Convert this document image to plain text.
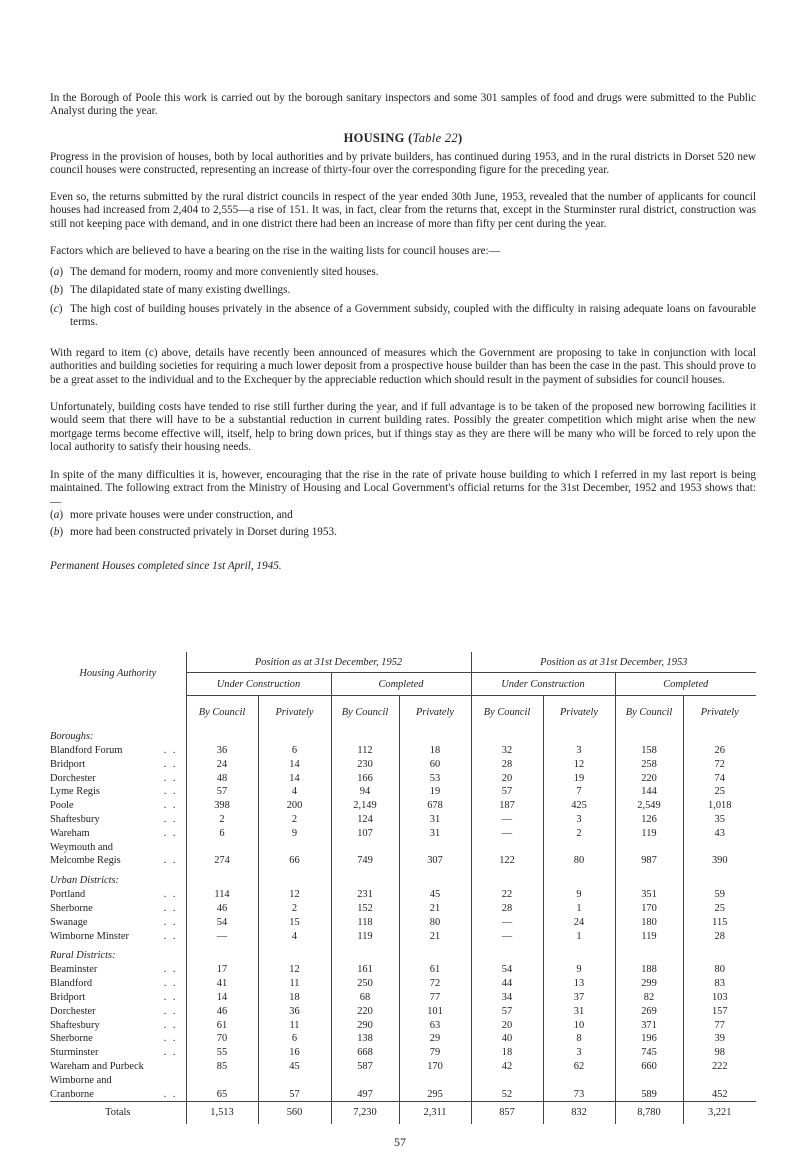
In the Borough of Poole this work is carried out by the borough sanitary inspectors and some 301 samples of food and drugs were submitted to the Public Analyst during the year.

HOUSING (Table 22)

Progress in the provision of houses, both by local authorities and by private builders, has continued during 1953, and in the rural districts in Dorset 520 new council houses were constructed, representing an increase of thirty-four over the corresponding figure for the preceding year.

Even so, the returns submitted by the rural district councils in respect of the year ended 30th June, 1953, revealed that the number of applicants for council houses had increased from 2,404 to 2,555—a rise of 151. It was, in fact, clear from the returns that, except in the Sturminster rural district, construction was still not keeping pace with demand, and in one district there had been an increase of more than fifty per cent during the year.

Factors which are believed to have a bearing on the rise in the waiting lists for council houses are:—

(a) The demand for modern, roomy and more conveniently sited houses.
(b) The dilapidated state of many existing dwellings.
(c) The high cost of building houses privately in the absence of a Government subsidy, coupled with the difficulty in raising adequate loans on favourable terms.

With regard to item (c) above, details have recently been announced of measures which the Government are proposing to take in conjunction with local authorities and building societies for requiring a much lower deposit from a prospective house builder than has been the case in the past. This should prove to be a great asset to the individual and to the Exchequer by the appreciable reduction which should result in the payment of subsidies for council houses.

Unfortunately, building costs have tended to rise still further during the year, and if full advantage is to be taken of the proposed new borrowing facilities it would seem that there will have to be a substantial reduction in current building rates. Possibly the greater competition which might arise when the new mortgage terms become effective will, itself, help to bring down prices, but if things stay as they are there will be many who will be forced to rely upon the local authority to satisfy their housing needs.

In spite of the many difficulties it is, however, encouraging that the rise in the rate of private house building to which I referred in my last report is being maintained. The following extract from the Ministry of Housing and Local Government's official returns for the 31st December, 1952 and 1953 shows that:—

(a) more private houses were under construction, and
(b) more had been constructed privately in Dorset during 1953.

Permanent Houses completed since 1st April, 1945.

Housing Authority	Position as at 31st December, 1952				Position as at 31st December, 1953			
	Under Construction		Completed		Under Construction		Completed	
	By Council	Privately	By Council	Privately	By Council	Privately	By Council	Privately
Boroughs:								
Blandford Forum . .	36	6	112	18	32	3	158	26
Bridport . .	24	14	230	60	28	12	258	72
Dorchester . .	48	14	166	53	20	19	220	74
Lyme Regis . .	57	4	94	19	57	7	144	25
Poole . .	398	200	2,149	678	187	425	2,549	1,018
Shaftesbury . .	2	2	124	31	—	3	126	35
Wareham . .	6	9	107	31	—	2	119	43
Weymouth and								
Melcombe Regis . .	274	66	749	307	122	80	987	390

Urban Districts:								
Portland . .	114	12	231	45	22	9	351	59
Sherborne . .	46	2	152	21	28	1	170	25
Swanage . .	54	15	118	80	—	24	180	115
Wimborne Minster . .	—	4	119	21	—	1	119	28

Rural Districts:								
Beaminster . .	17	12	161	61	54	9	188	80
Blandford . .	41	11	250	72	44	13	299	83
Bridport . .	14	18	68	77	34	37	82	103
Dorchester . .	46	36	220	101	57	31	269	157
Shaftesbury . .	61	11	290	63	20	10	371	77
Sherborne . .	70	6	138	29	40	8	196	39
Sturminster . .	55	16	668	79	18	3	745	98
Wareham and Purbeck	85	45	587	170	42	62	660	222
Wimborne and								
Cranborne . .	65	57	497	295	52	73	589	452
Totals	1,513	560	7,230	2,311	857	832	8,780	3,221
57
